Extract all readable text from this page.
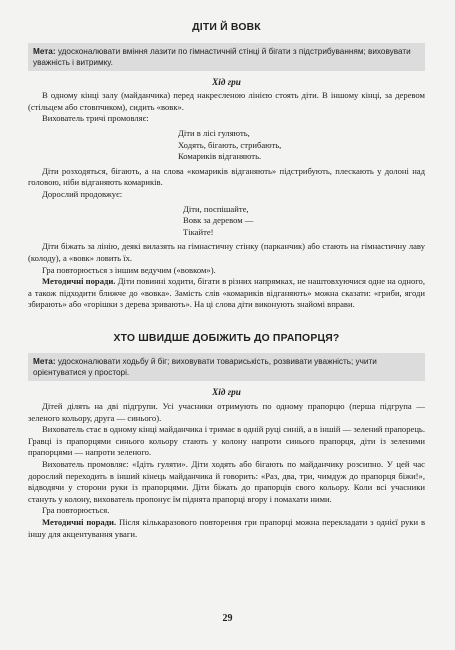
ДІТИ Й ВОВК
Мета: удосконалювати вміння лазити по гімнастичній стінці й бігати з підстрибуванням; виховувати уважність і витримку.
Хід гри

В одному кінці залу (майданчика) перед накресленою лінією стоять діти. В іншому кінці, за деревом (стільцем або стовпчиком), сидить «вовк».

Вихователь тричі промовляє:

Діти в лісі гуляють,
Ходять, бігають, стрибають,
Комариків відганяють.

Діти розходяться, бігають, а на слова «комариків відганяють» підстрибують, плескають у долоні над головою, ніби відганяють комариків.

Дорослий продовжує:

Діти, поспішайте,
Вовк за деревом —
Тікайте!

Діти біжать за лінію, деякі вилазять на гімнастичну стінку (парканчик) або стають на гімнастичну лаву (колоду), а «вовк» ловить їх.

Гра повторюється з іншим ведучим («вовком»).

Методичні поради. Діти повинні ходити, бігати в різних напрямках, не наштовхуючися одне на одного, а також підходити ближче до «вовка». Замість слів «комариків відганяють» можна сказати: «гриби, ягоди збирають» або «горішки з дерева зривають». На ці слова діти виконують знайомі вправи.

ХТО ШВИДШЕ ДОБІЖИТЬ ДО ПРАПОРЦЯ?
Мета: удосконалювати ходьбу й біг; виховувати товариськість, розвивати уважність; учити орієнтуватися у просторі.
Хід гри

Дітей ділять на дві підгрупи. Усі учасники отримують по одному прапорцю (перша підгрупа — зеленого кольору, друга — синього).

Вихователь стає в одному кінці майданчика і тримає в одній руці синій, а в іншій — зелений прапорець. Гравці із прапорцями синього кольору стають у колону напроти синього прапорця, діти із зеленими прапорцями — напроти зеленого.

Вихователь промовляє: «Ідіть гуляти». Діти ходять або бігають по майданчику розсипно. У цей час дорослий переходить в інший кінець майданчика й говорить: «Раз, два, три, чимдуж до прапорця біжи!», відводячи у сторони руки із прапорцями. Діти біжать до прапорців свого кольору. Коли всі учасники стануть у колону, вихователь пропонує їм піднята прапорці вгору і помахати ними.

Гра повторюється.

Методичні поради. Після кількаразового повторення гри прапорці можна перекладати з однієї руки в іншу для акцентування уваги.

29
